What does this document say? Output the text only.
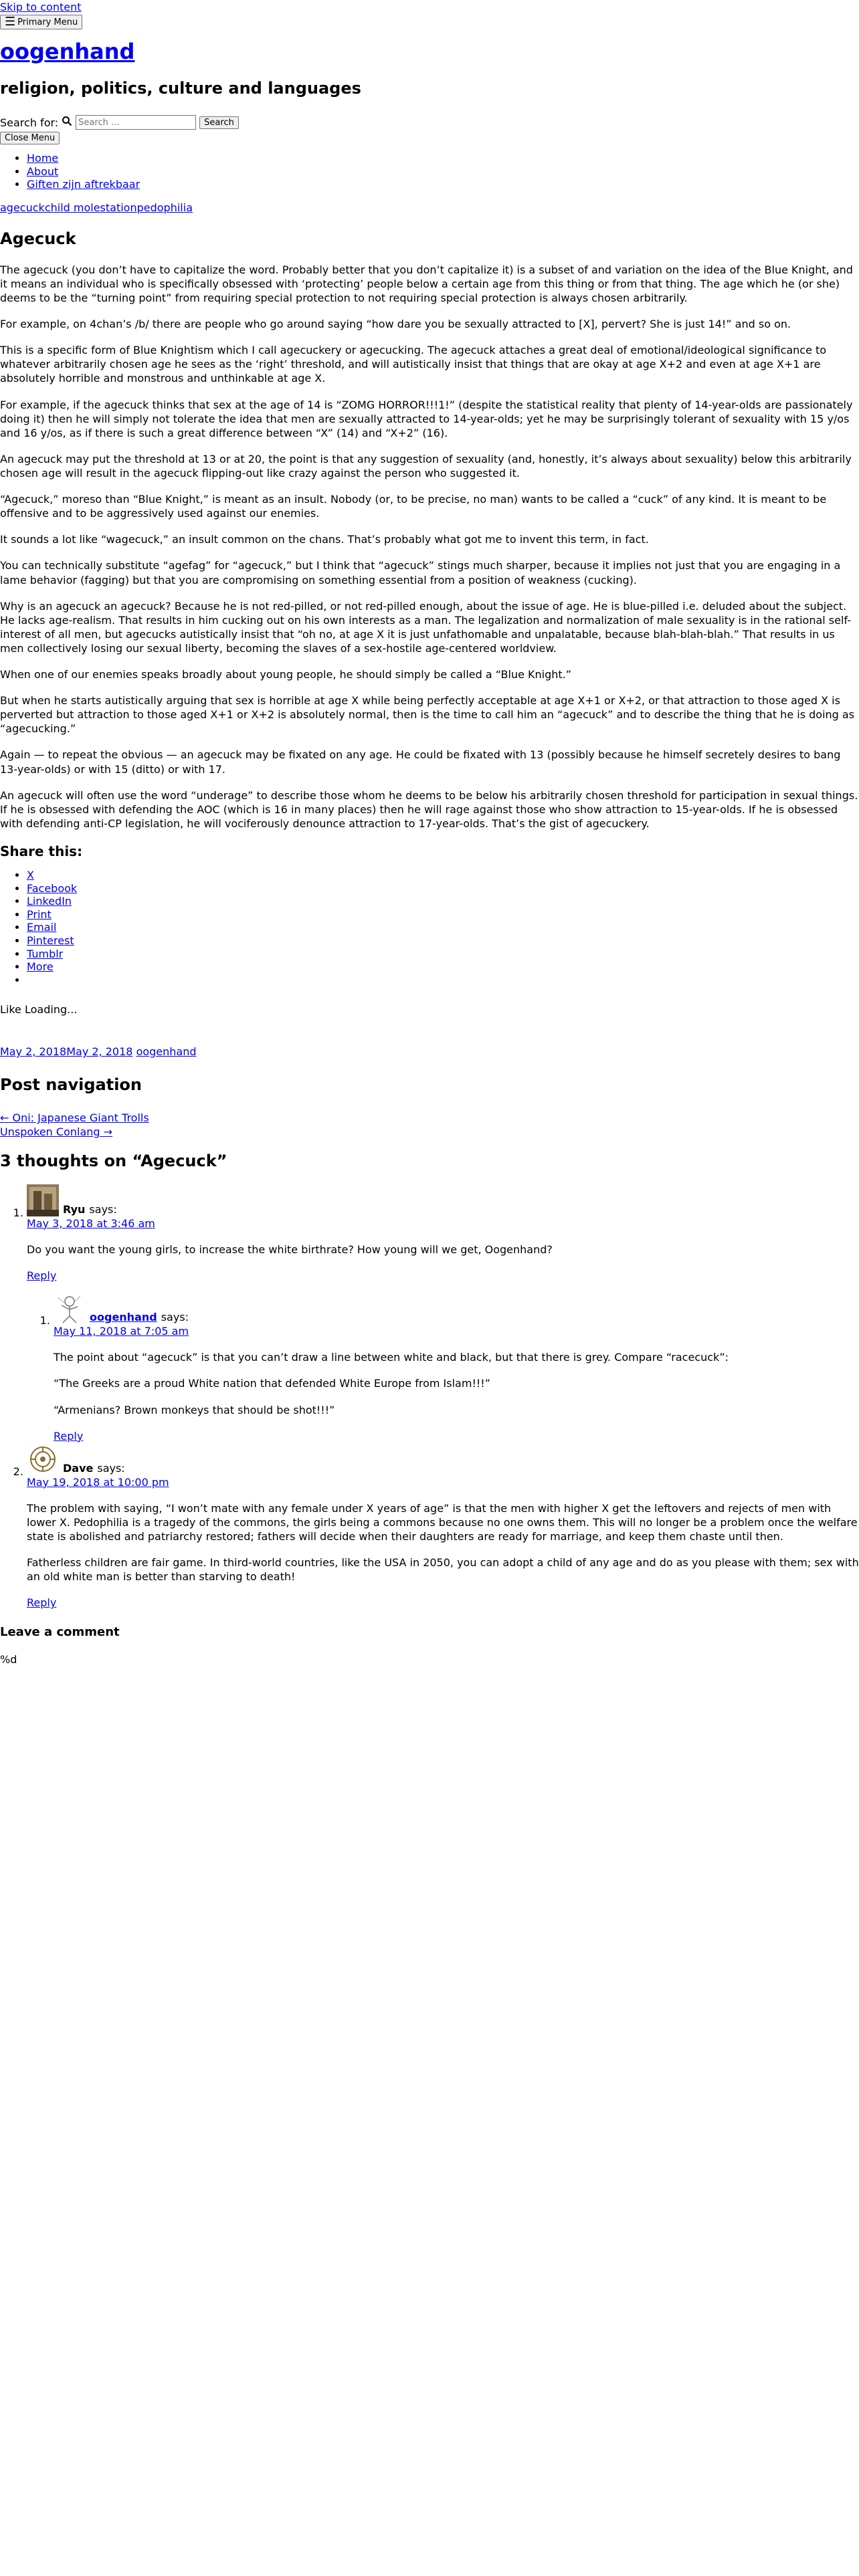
Skip to content
☰ Primary Menu
oogenhand
religion, politics, culture and languages
Search for:
Search ...	Search
Close Menu
• Home
• About
• Giften zijn aftrekbaar
agecuckchild molestationpedophilia
Agecuck

The agecuck (you don’t have to capitalize the word. Probably better that you don’t capitalize it) is a subset of and variation on the idea of the Blue Knight, and it means an individual who is specifically obsessed with ‘protecting’ people below a certain age from this thing or from that thing. The age which he (or she) deems to be the “turning point” from requiring special protection to not requiring special protection is always chosen arbitrarily.

For example, on 4chan’s /b/ there are people who go around saying “how dare you be sexually attracted to [X], pervert? She is just 14!” and so on.

This is a specific form of Blue Knightism which I call agecuckery or agecucking. The agecuck attaches a great deal of emotional/ideological significance to whatever arbitrarily chosen age he sees as the ‘right’ threshold, and will autistically insist that things that are okay at age X+2 and even at age X+1 are absolutely horrible and monstrous and unthinkable at age X.

For example, if the agecuck thinks that sex at the age of 14 is “ZOMG HORROR!!!1!” (despite the statistical reality that plenty of 14-year-olds are passionately doing it) then he will simply not tolerate the idea that men are sexually attracted to 14-year-olds; yet he may be surprisingly tolerant of sexuality with 15 y/os and 16 y/os, as if there is such a great difference between “X” (14) and “X+2” (16).

An agecuck may put the threshold at 13 or at 20, the point is that any suggestion of sexuality (and, honestly, it’s always about sexuality) below this arbitrarily chosen age will result in the agecuck flipping-out like crazy against the person who suggested it.

“Agecuck,” moreso than “Blue Knight,” is meant as an insult. Nobody (or, to be precise, no man) wants to be called a “cuck” of any kind. It is meant to be offensive and to be aggressively used against our enemies.

It sounds a lot like “wagecuck,” an insult common on the chans. That’s probably what got me to invent this term, in fact.

You can technically substitute “agefag” for “agecuck,” but I think that “agecuck” stings much sharper, because it implies not just that you are engaging in a lame behavior (fagging) but that you are compromising on something essential from a position of weakness (cucking).

Why is an agecuck an agecuck? Because he is not red-pilled, or not red-pilled enough, about the issue of age. He is blue-pilled i.e. deluded about the subject. He lacks age-realism. That results in him cucking out on his own interests as a man. The legalization and normalization of male sexuality is in the rational self-interest of all men, but agecucks autistically insist that “oh no, at age X it is just unfathomable and unpalatable, because blah-blah-blah.” That results in us men collectively losing our sexual liberty, becoming the slaves of a sex-hostile age-centered worldview.

When one of our enemies speaks broadly about young people, he should simply be called a “Blue Knight.”

But when he starts autistically arguing that sex is horrible at age X while being perfectly acceptable at age X+1 or X+2, or that attraction to those aged X is perverted but attraction to those aged X+1 or X+2 is absolutely normal, then is the time to call him an “agecuck” and to describe the thing that he is doing as “agecucking.”

Again — to repeat the obvious — an agecuck may be fixated on any age. He could be fixated with 13 (possibly because he himself secretely desires to bang 13-year-olds) or with 15 (ditto) or with 17.

An agecuck will often use the word “underage” to describe those whom he deems to be below his arbitrarily chosen threshold for participation in sexual things. If he is obsessed with defending the AOC (which is 16 in many places) then he will rage against those who show attraction to 15-year-olds. If he is obsessed with defending anti-CP legislation, he will vociferously denounce attraction to 17-year-olds. That’s the gist of agecuckery.

Share this:
• X
• Facebook
• LinkedIn
• Print
• Email
• Pinterest
• Tumblr
• More
•
Like Loading...
May 2, 2018May 2, 2018 oogenhand
Post navigation
← Oni: Japanese Giant Trolls
Unspoken Conlang →
3 thoughts on “Agecuck”
1. Ryu says:
May 3, 2018 at 3:46 am

Do you want the young girls, to increase the white birthrate? How young will we get, Oogenhand?

Reply
1. oogenhand says:
May 11, 2018 at 7:05 am

The point about “agecuck” is that you can’t draw a line between white and black, but that there is grey. Compare “racecuck”:

“The Greeks are a proud White nation that defended White Europe from Islam!!!”

“Armenians? Brown monkeys that should be shot!!!”

Reply
2. Dave says:
May 19, 2018 at 10:00 pm

The problem with saying, “I won’t mate with any female under X years of age” is that the men with higher X get the leftovers and rejects of men with lower X. Pedophilia is a tragedy of the commons, the girls being a commons because no one owns them. This will no longer be a problem once the welfare state is abolished and patriarchy restored; fathers will decide when their daughters are ready for marriage, and keep them chaste until then.

Fatherless children are fair game. In third-world countries, like the USA in 2050, you can adopt a child of any age and do as you please with them; sex with an old white man is better than starving to death!

Reply
Leave a comment
%d
